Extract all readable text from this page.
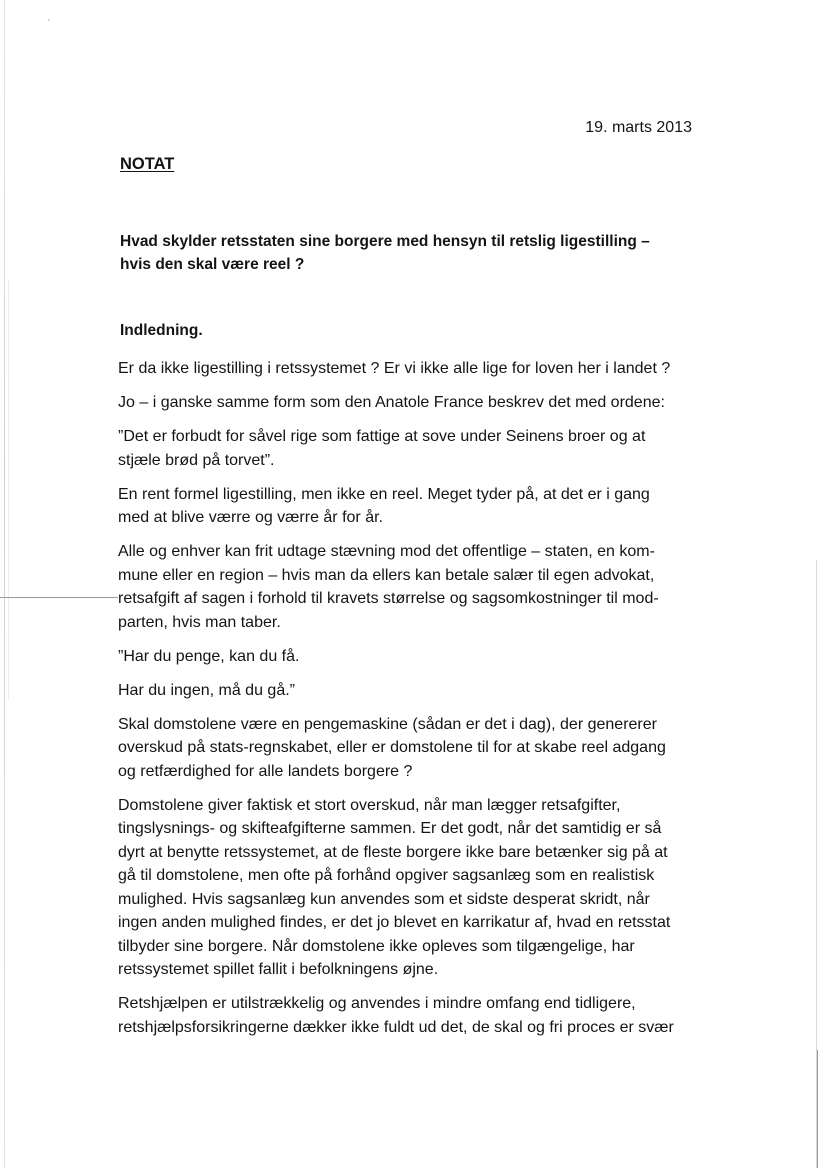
19. marts 2013
NOTAT
Hvad skylder retsstaten sine borgere med hensyn til retslig ligestilling –
hvis den skal være reel ?
Indledning.

Er da ikke ligestilling i retssystemet ? Er vi ikke alle lige for loven her i landet ?

Jo – i ganske samme form som den Anatole France beskrev det med ordene:

”Det er forbudt for såvel rige som fattige at sove under Seinens broer og at
stjæle brød på torvet”.

En rent formel ligestilling, men ikke en reel. Meget tyder på, at det er i gang
med at blive værre og værre år for år.

Alle og enhver kan frit udtage stævning mod det offentlige – staten, en kom-
mune eller en region – hvis man da ellers kan betale salær til egen advokat,
retsafgift af sagen i forhold til kravets størrelse og sagsomkostninger til mod-
parten, hvis man taber.

”Har du penge, kan du få.

Har du ingen, må du gå.”

Skal domstolene være en pengemaskine (sådan er det i dag), der genererer
overskud på stats-regnskabet, eller er domstolene til for at skabe reel adgang
og retfærdighed for alle landets borgere ?

Domstolene giver faktisk et stort overskud, når man lægger retsafgifter,
tingslysnings- og skifteafgifterne sammen. Er det godt, når det samtidig er så
dyrt at benytte retssystemet, at de fleste borgere ikke bare betænker sig på at
gå til domstolene, men ofte på forhånd opgiver sagsanlæg som en realistisk
mulighed. Hvis sagsanlæg kun anvendes som et sidste desperat skridt, når
ingen anden mulighed findes, er det jo blevet en karrikatur af, hvad en retsstat
tilbyder sine borgere. Når domstolene ikke opleves som tilgængelige, har
retssystemet spillet fallit i befolkningens øjne.

Retshjælpen er utilstrækkelig og anvendes i mindre omfang end tidligere,
retshjælpsforsikringerne dækker ikke fuldt ud det, de skal og fri proces er svær
